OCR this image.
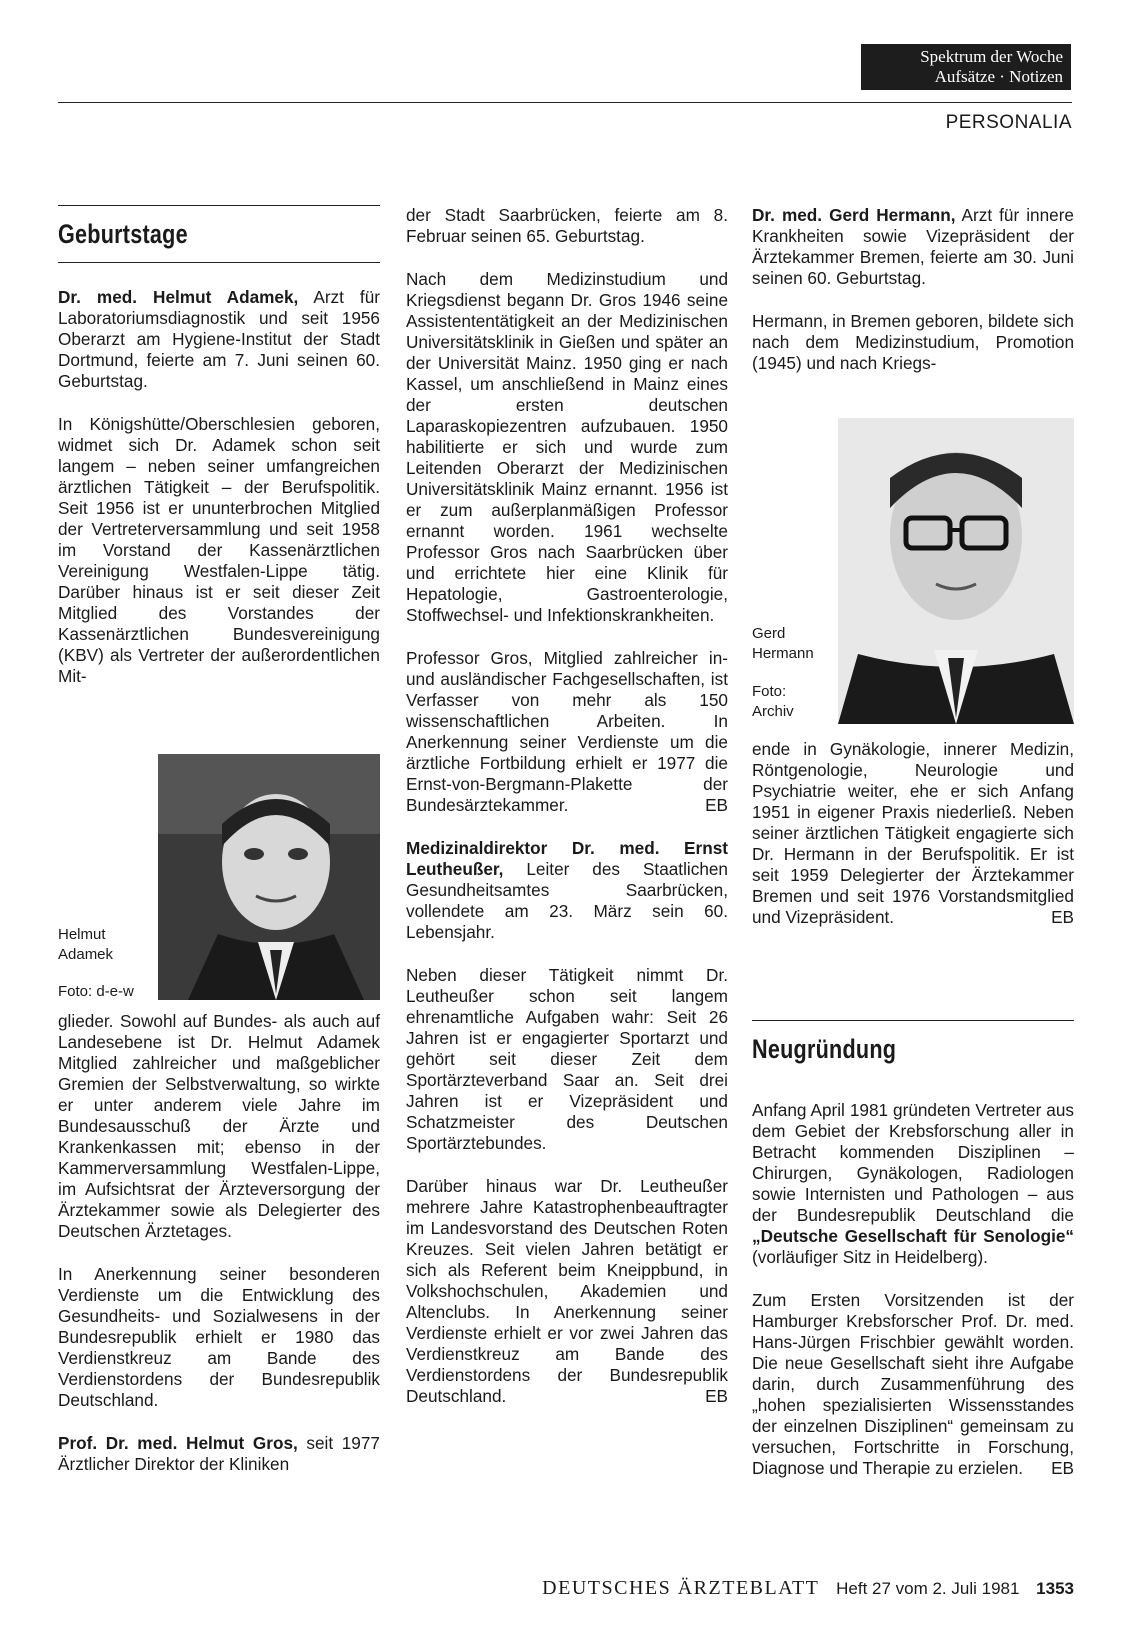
Spektrum der Woche
Aufsätze · Notizen
PERSONALIA
Geburtstage

Dr. med. Helmut Adamek, Arzt für Laboratoriumsdiagnostik und seit 1956 Oberarzt am Hygiene-Institut der Stadt Dortmund, feierte am 7. Juni seinen 60. Geburtstag.

In Königshütte/Oberschlesien geboren, widmet sich Dr. Adamek schon seit langem – neben seiner umfangreichen ärztlichen Tätigkeit – der Berufspolitik. Seit 1956 ist er ununterbrochen Mitglied der Vertreterversammlung und seit 1958 im Vorstand der Kassenärztlichen Vereinigung Westfalen-Lippe tätig. Darüber hinaus ist er seit dieser Zeit Mitglied des Vorstandes der Kassenärztlichen Bundesvereinigung (KBV) als Vertreter der außerordentlichen Mit-

Helmut
Adamek
Foto: d-e-w

glieder. Sowohl auf Bundes- als auch auf Landesebene ist Dr. Helmut Adamek Mitglied zahlreicher und maßgeblicher Gremien der Selbstverwaltung, so wirkte er unter anderem viele Jahre im Bundesausschuß der Ärzte und Krankenkassen mit; ebenso in der Kammerversammlung Westfalen-Lippe, im Aufsichtsrat der Ärzteversorgung der Ärztekammer sowie als Delegierter des Deutschen Ärztetages.

In Anerkennung seiner besonderen Verdienste um die Entwicklung des Gesundheits- und Sozialwesens in der Bundesrepublik erhielt er 1980 das Verdienstkreuz am Bande des Verdienstordens der Bundesrepublik Deutschland.

Prof. Dr. med. Helmut Gros, seit 1977 Ärztlicher Direktor der Kliniken

der Stadt Saarbrücken, feierte am 8. Februar seinen 65. Geburtstag.

Nach dem Medizinstudium und Kriegsdienst begann Dr. Gros 1946 seine Assistententätigkeit an der Medizinischen Universitätsklinik in Gießen und später an der Universität Mainz. 1950 ging er nach Kassel, um anschließend in Mainz eines der ersten deutschen Laparaskopiezentren aufzubauen. 1950 habilitierte er sich und wurde zum Leitenden Oberarzt der Medizinischen Universitätsklinik Mainz ernannt. 1956 ist er zum außerplanmäßigen Professor ernannt worden. 1961 wechselte Professor Gros nach Saarbrücken über und errichtete hier eine Klinik für Hepatologie, Gastroenterologie, Stoffwechsel- und Infektionskrankheiten.

Professor Gros, Mitglied zahlreicher in- und ausländischer Fachgesellschaften, ist Verfasser von mehr als 150 wissenschaftlichen Arbeiten. In Anerkennung seiner Verdienste um die ärztliche Fortbildung erhielt er 1977 die Ernst-von-Bergmann-Plakette der Bundesärztekammer.	EB

Medizinaldirektor Dr. med. Ernst Leutheußer, Leiter des Staatlichen Gesundheitsamtes Saarbrücken, vollendete am 23. März sein 60. Lebensjahr.

Neben dieser Tätigkeit nimmt Dr. Leutheußer schon seit langem ehrenamtliche Aufgaben wahr: Seit 26 Jahren ist er engagierter Sportarzt und gehört seit dieser Zeit dem Sportärzteverband Saar an. Seit drei Jahren ist er Vizepräsident und Schatzmeister des Deutschen Sportärztebundes.

Darüber hinaus war Dr. Leutheußer mehrere Jahre Katastrophenbeauftragter im Landesvorstand des Deutschen Roten Kreuzes. Seit vielen Jahren betätigt er sich als Referent beim Kneippbund, in Volkshochschulen, Akademien und Altenclubs. In Anerkennung seiner Verdienste erhielt er vor zwei Jahren das Verdienstkreuz am Bande des Verdienstordens der Bundesrepublik Deutschland.	EB

Dr. med. Gerd Hermann, Arzt für innere Krankheiten sowie Vizepräsident der Ärztekammer Bremen, feierte am 30. Juni seinen 60. Geburtstag.

Hermann, in Bremen geboren, bildete sich nach dem Medizinstudium, Promotion (1945) und nach Kriegs-

Gerd
Hermann
Foto:
Archiv

ende in Gynäkologie, innerer Medizin, Röntgenologie, Neurologie und Psychiatrie weiter, ehe er sich Anfang 1951 in eigener Praxis niederließ. Neben seiner ärztlichen Tätigkeit engagierte sich Dr. Hermann in der Berufspolitik. Er ist seit 1959 Delegierter der Ärztekammer Bremen und seit 1976 Vorstandsmitglied und Vizepräsident.	EB

Neugründung

Anfang April 1981 gründeten Vertreter aus dem Gebiet der Krebsforschung aller in Betracht kommenden Disziplinen – Chirurgen, Gynäkologen, Radiologen sowie Internisten und Pathologen – aus der Bundesrepublik Deutschland die „Deutsche Gesellschaft für Senologie“ (vorläufiger Sitz in Heidelberg).

Zum Ersten Vorsitzenden ist der Hamburger Krebsforscher Prof. Dr. med. Hans-Jürgen Frischbier gewählt worden. Die neue Gesellschaft sieht ihre Aufgabe darin, durch Zusammenführung des „hohen spezialisierten Wissensstandes der einzelnen Disziplinen“ gemeinsam zu versuchen, Fortschritte in Forschung, Diagnose und Therapie zu erzielen. EB

DEUTSCHES ÄRZTEBLATT Heft 27 vom 2. Juli 1981 1353
